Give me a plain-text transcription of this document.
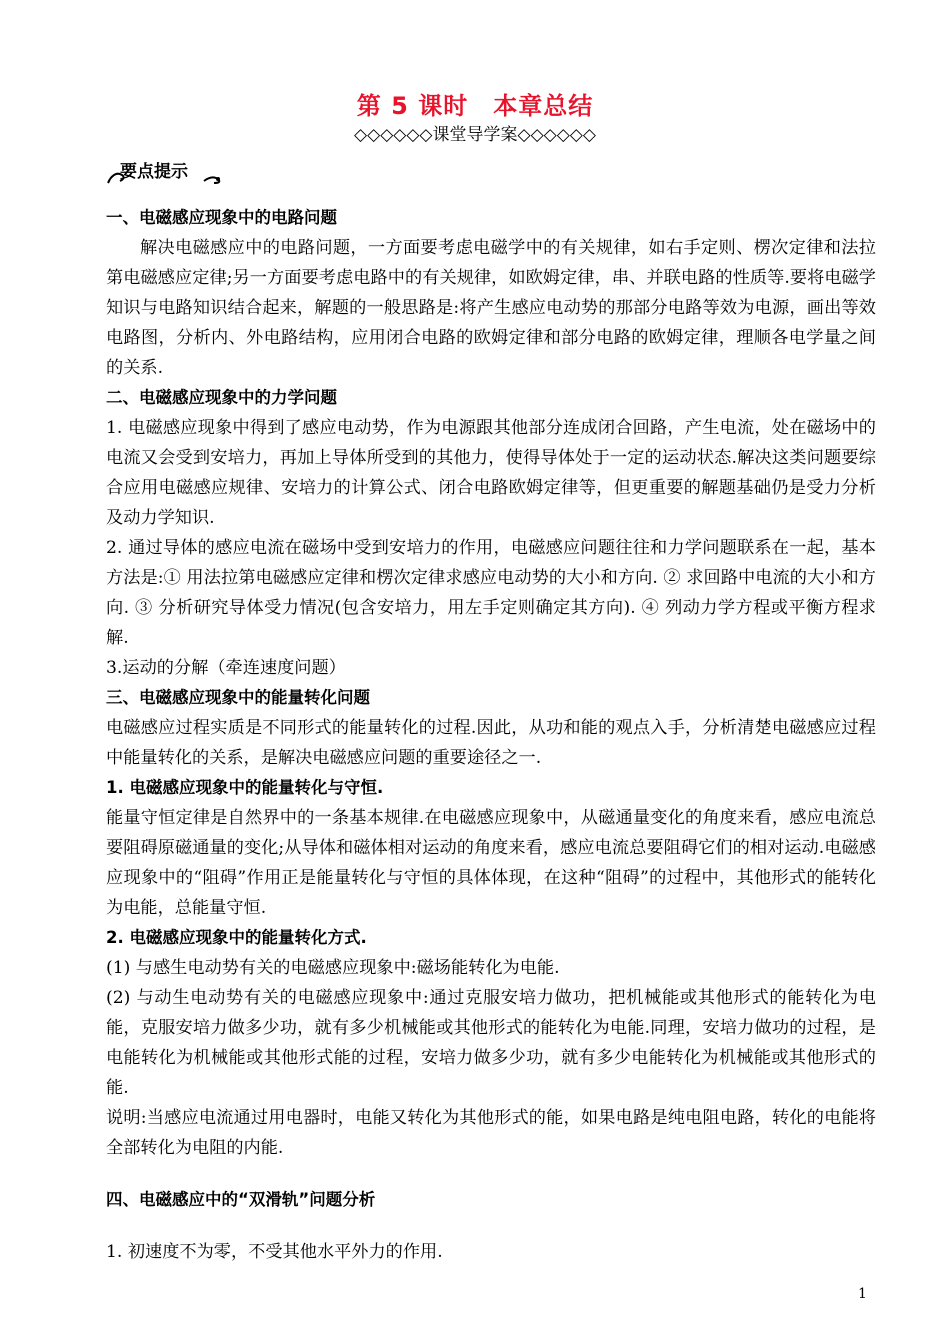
第 5 课时　本章总结
◇◇◇◇◇◇课堂导学案◇◇◇◇◇◇
要点提示

一、电磁感应现象中的电路问题

解决电磁感应中的电路问题，一方面要考虑电磁学中的有关规律，如右手定则、楞次定律和法拉第电磁感应定律;另一方面要考虑电路中的有关规律，如欧姆定律，串、并联电路的性质等.要将电磁学知识与电路知识结合起来，解题的一般思路是:将产生感应电动势的那部分电路等效为电源，画出等效电路图，分析内、外电路结构，应用闭合电路的欧姆定律和部分电路的欧姆定律，理顺各电学量之间的关系.

二、电磁感应现象中的力学问题

1. 电磁感应现象中得到了感应电动势，作为电源跟其他部分连成闭合回路，产生电流，处在磁场中的电流又会受到安培力，再加上导体所受到的其他力，使得导体处于一定的运动状态.解决这类问题要综合应用电磁感应规律、安培力的计算公式、闭合电路欧姆定律等，但更重要的解题基础仍是受力分析及动力学知识.

2. 通过导体的感应电流在磁场中受到安培力的作用，电磁感应问题往往和力学问题联系在一起，基本方法是:① 用法拉第电磁感应定律和楞次定律求感应电动势的大小和方向. ② 求回路中电流的大小和方向. ③ 分析研究导体受力情况(包含安培力，用左手定则确定其方向). ④ 列动力学方程或平衡方程求解.

3.运动的分解（牵连速度问题）

三、电磁感应现象中的能量转化问题

电磁感应过程实质是不同形式的能量转化的过程.因此，从功和能的观点入手，分析清楚电磁感应过程中能量转化的关系，是解决电磁感应问题的重要途径之一.

1. 电磁感应现象中的能量转化与守恒.

能量守恒定律是自然界中的一条基本规律.在电磁感应现象中，从磁通量变化的角度来看，感应电流总要阻碍原磁通量的变化;从导体和磁体相对运动的角度来看，感应电流总要阻碍它们的相对运动.电磁感应现象中的“阻碍”作用正是能量转化与守恒的具体体现，在这种“阻碍”的过程中，其他形式的能转化为电能，总能量守恒.

2. 电磁感应现象中的能量转化方式.

(1) 与感生电动势有关的电磁感应现象中:磁场能转化为电能.

(2) 与动生电动势有关的电磁感应现象中:通过克服安培力做功，把机械能或其他形式的能转化为电能，克服安培力做多少功，就有多少机械能或其他形式的能转化为电能.同理，安培力做功的过程，是电能转化为机械能或其他形式能的过程，安培力做多少功，就有多少电能转化为机械能或其他形式的能.

说明:当感应电流通过用电器时，电能又转化为其他形式的能，如果电路是纯电阻电路，转化的电能将全部转化为电阻的内能.

四、电磁感应中的“双滑轨”问题分析

1. 初速度不为零，不受其他水平外力的作用.

1
